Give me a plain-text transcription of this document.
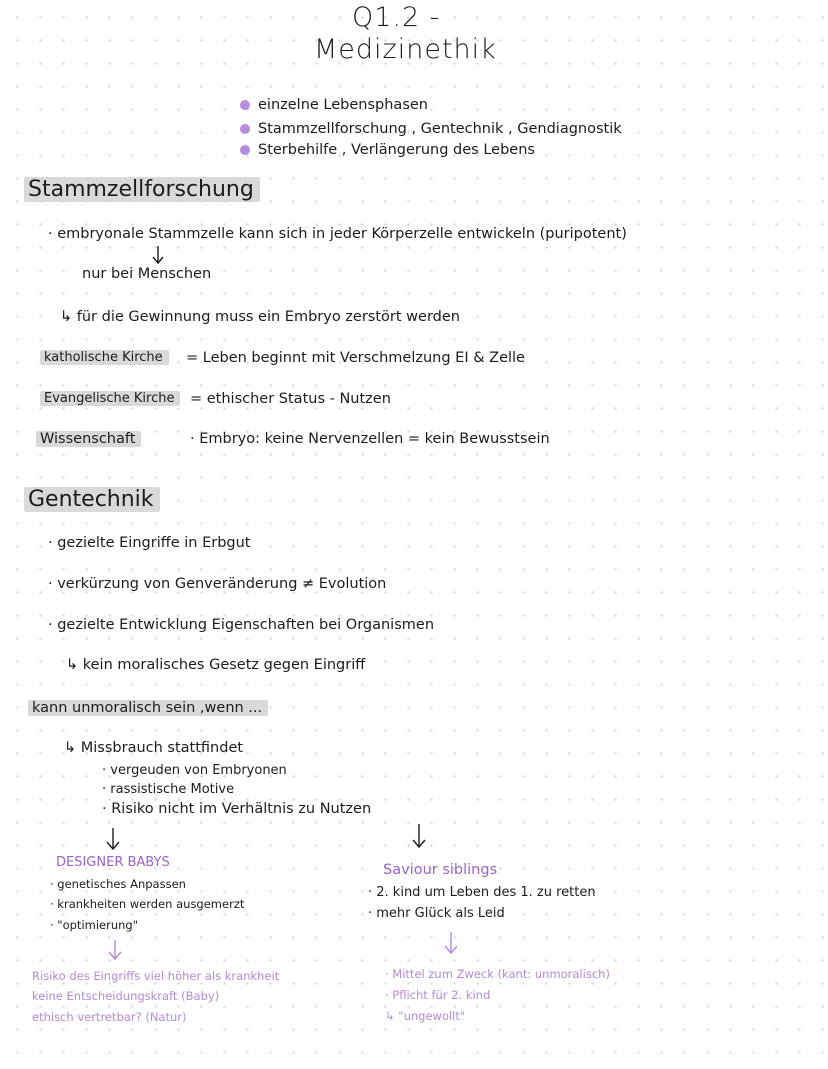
Q1.2 -
Medizinethik
einzelne Lebensphasen
Stammzellforschung , Gentechnik , Gendiagnostik
Sterbehilfe , Verlängerung des Lebens
Stammzellforschung
· embryonale Stammzelle kann sich in jeder Körperzelle entwickeln (puripotent)
nur bei Menschen
↳ für die Gewinnung muss ein Embryo zerstört werden
katholische Kirche	= Leben beginnt mit Verschmelzung EI & Zelle
Evangelische Kirche	= ethischer Status - Nutzen
Wissenschaft	· Embryo: keine Nervenzellen = kein Bewusstsein
Gentechnik
· gezielte Eingriffe in Erbgut
· verkürzung von Genveränderung ≠ Evolution
· gezielte Entwicklung Eigenschaften bei Organismen
↳ kein moralisches Gesetz gegen Eingriff
kann unmoralisch sein ,wenn ...
↳ Missbrauch stattfindet
· vergeuden von Embryonen
· rassistische Motive
· Risiko nicht im Verhältnis zu Nutzen
DESIGNER BABYS
· genetisches Anpassen
· krankheiten werden ausgemerzt
· "optimierung"
Risiko des Eingriffs viel höher als krankheit
keine Entscheidungskraft (Baby)
ethisch vertretbar? (Natur)
Saviour siblings
· 2. kind um Leben des 1. zu retten
· mehr Glück als Leid
· Mittel zum Zweck (kant: unmoralisch)
· Pflicht für 2. kind
↳ "ungewollt"
